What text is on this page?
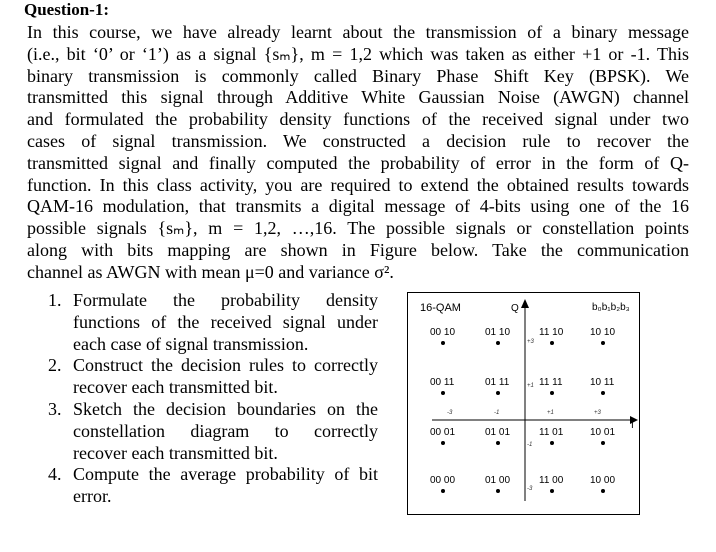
Question-1:
In this course, we have already learnt about the transmission of a binary message
(i.e., bit ‘0’ or ‘1’) as a signal {sₘ}, m = 1,2 which was taken as either +1 or -1. This
binary transmission is commonly called Binary Phase Shift Key (BPSK). We
transmitted this signal through Additive White Gaussian Noise (AWGN) channel
and formulated the probability density functions of the received signal under two
cases of signal transmission. We constructed a decision rule to recover the
transmitted signal and finally computed the probability of error in the form of Q-
function. In this class activity, you are required to extend the obtained results towards
QAM-16 modulation, that transmits a digital message of 4-bits using one of the 16
possible signals {sₘ}, m = 1,2, …,16. The possible signals or constellation points
along with bits mapping are shown in Figure below. Take the communication
channel as AWGN with mean μ=0 and variance σ².
1. Formulate the probability density
functions of the received signal under
each case of signal transmission.
2. Construct the decision rules to correctly
recover each transmitted bit.
3. Sketch the decision boundaries on the
constellation diagram to correctly
recover each transmitted bit.
4. Compute the average probability of bit
error.
16-QAM	Q
I
b₀b₁b₂b₃
+3
+1
-1
-3
+3
+1
-1
-3
00 10	01 10	11 10	10 10
00 11	01 11	11 11	10 11
00 01	01 01	11 01	10 01
00 00	01 00	11 00	10 00
